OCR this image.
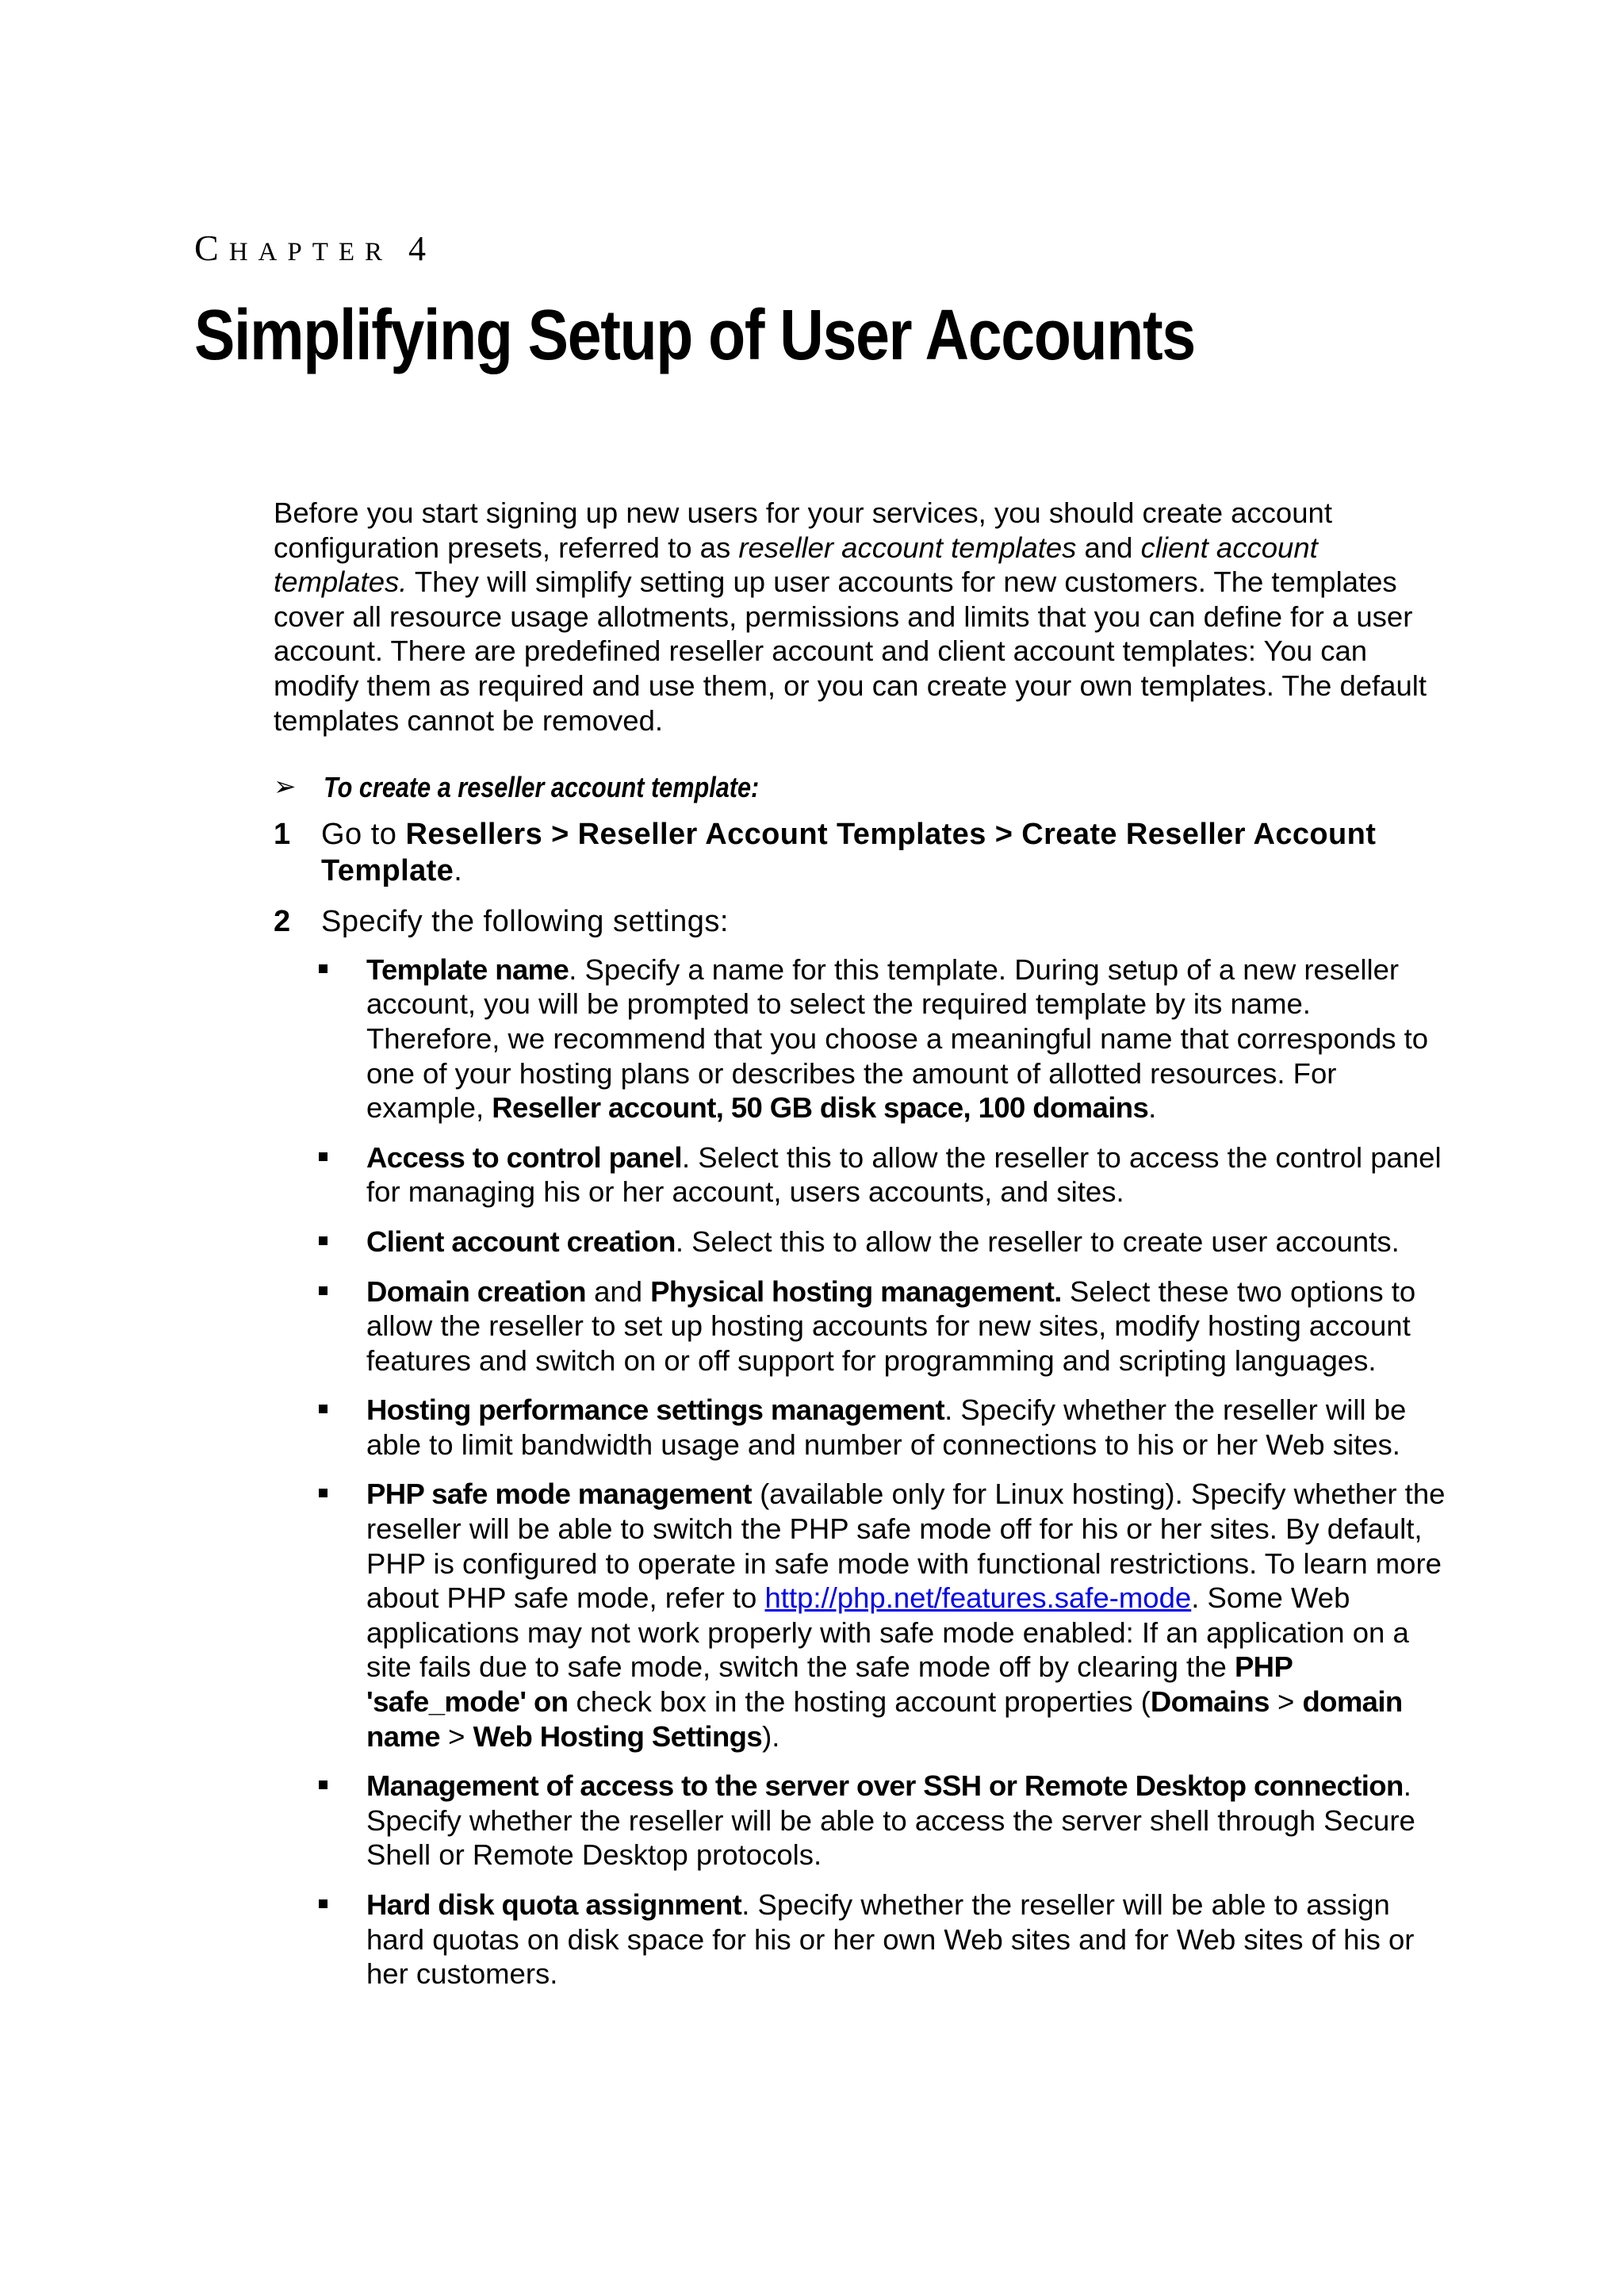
CHAPTER 4
Simplifying Setup of User Accounts

Before you start signing up new users for your services, you should create account configuration presets, referred to as reseller account templates and client account templates. They will simplify setting up user accounts for new customers. The templates cover all resource usage allotments, permissions and limits that you can define for a user account. There are predefined reseller account and client account templates: You can modify them as required and use them, or you can create your own templates. The default templates cannot be removed.

➢ To create a reseller account template:

1 Go to Resellers > Reseller Account Templates > Create Reseller Account Template.

2 Specify the following settings:

Template name. Specify a name for this template. During setup of a new reseller account, you will be prompted to select the required template by its name. Therefore, we recommend that you choose a meaningful name that corresponds to one of your hosting plans or describes the amount of allotted resources. For example, Reseller account, 50 GB disk space, 100 domains.
Access to control panel. Select this to allow the reseller to access the control panel for managing his or her account, users accounts, and sites.
Client account creation. Select this to allow the reseller to create user accounts.
Domain creation and Physical hosting management. Select these two options to allow the reseller to set up hosting accounts for new sites, modify hosting account features and switch on or off support for programming and scripting languages.
Hosting performance settings management. Specify whether the reseller will be able to limit bandwidth usage and number of connections to his or her Web sites.
PHP safe mode management (available only for Linux hosting). Specify whether the reseller will be able to switch the PHP safe mode off for his or her sites. By default, PHP is configured to operate in safe mode with functional restrictions. To learn more about PHP safe mode, refer to http://php.net/features.safe-mode. Some Web applications may not work properly with safe mode enabled: If an application on a site fails due to safe mode, switch the safe mode off by clearing the PHP 'safe_mode' on check box in the hosting account properties (Domains > domain name > Web Hosting Settings).
Management of access to the server over SSH or Remote Desktop connection. Specify whether the reseller will be able to access the server shell through Secure Shell or Remote Desktop protocols.
Hard disk quota assignment. Specify whether the reseller will be able to assign hard quotas on disk space for his or her own Web sites and for Web sites of his or her customers.
